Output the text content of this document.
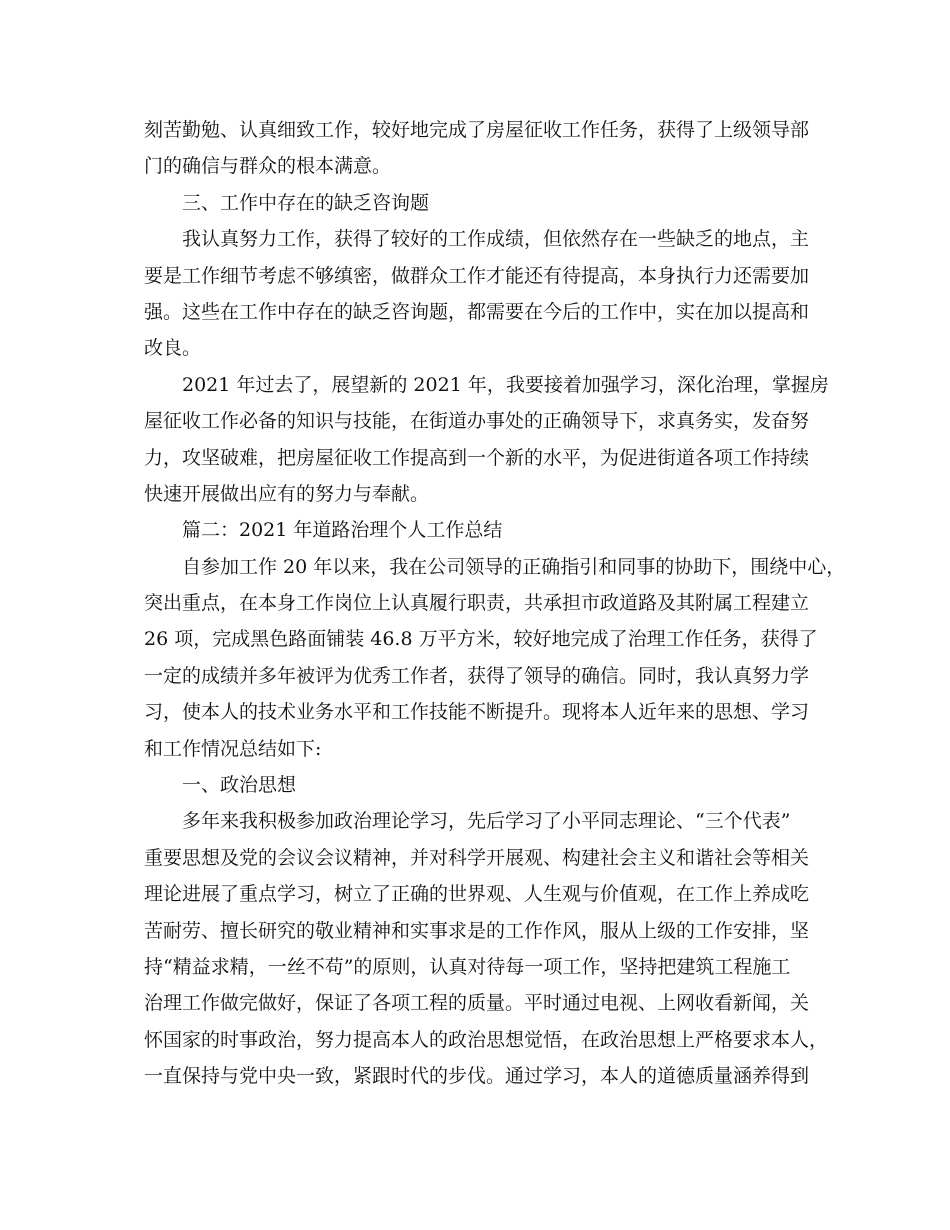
刻苦勤勉、认真细致工作，较好地完成了房屋征收工作任务，获得了上级领导部
门的确信与群众的根本满意。
三、工作中存在的缺乏咨询题
我认真努力工作，获得了较好的工作成绩，但依然存在一些缺乏的地点，主
要是工作细节考虑不够缜密，做群众工作才能还有待提高，本身执行力还需要加
强。这些在工作中存在的缺乏咨询题，都需要在今后的工作中，实在加以提高和
改良。
2021 年过去了，展望新的 2021 年，我要接着加强学习，深化治理，掌握房
屋征收工作必备的知识与技能，在街道办事处的正确领导下，求真务实，发奋努
力，攻坚破难，把房屋征收工作提高到一个新的水平，为促进街道各项工作持续
快速开展做出应有的努力与奉献。
篇二：2021 年道路治理个人工作总结
自参加工作 20 年以来，我在公司领导的正确指引和同事的协助下，围绕中心，
突出重点，在本身工作岗位上认真履行职责，共承担市政道路及其附属工程建立
26 项，完成黑色路面铺装 46.8 万平方米，较好地完成了治理工作任务，获得了
一定的成绩并多年被评为优秀工作者，获得了领导的确信。同时，我认真努力学
习，使本人的技术业务水平和工作技能不断提升。现将本人近年来的思想、学习
和工作情况总结如下:
一、政治思想
多年来我积极参加政治理论学习，先后学习了小平同志理论、“三个代表”
重要思想及党的会议会议精神，并对科学开展观、构建社会主义和谐社会等相关
理论进展了重点学习，树立了正确的世界观、人生观与价值观，在工作上养成吃
苦耐劳、擅长研究的敬业精神和实事求是的工作作风，服从上级的工作安排，坚
持“精益求精，一丝不苟”的原则，认真对待每一项工作，坚持把建筑工程施工
治理工作做完做好，保证了各项工程的质量。平时通过电视、上网收看新闻，关
怀国家的时事政治，努力提高本人的政治思想觉悟，在政治思想上严格要求本人，
一直保持与党中央一致，紧跟时代的步伐。通过学习，本人的道德质量涵养得到
